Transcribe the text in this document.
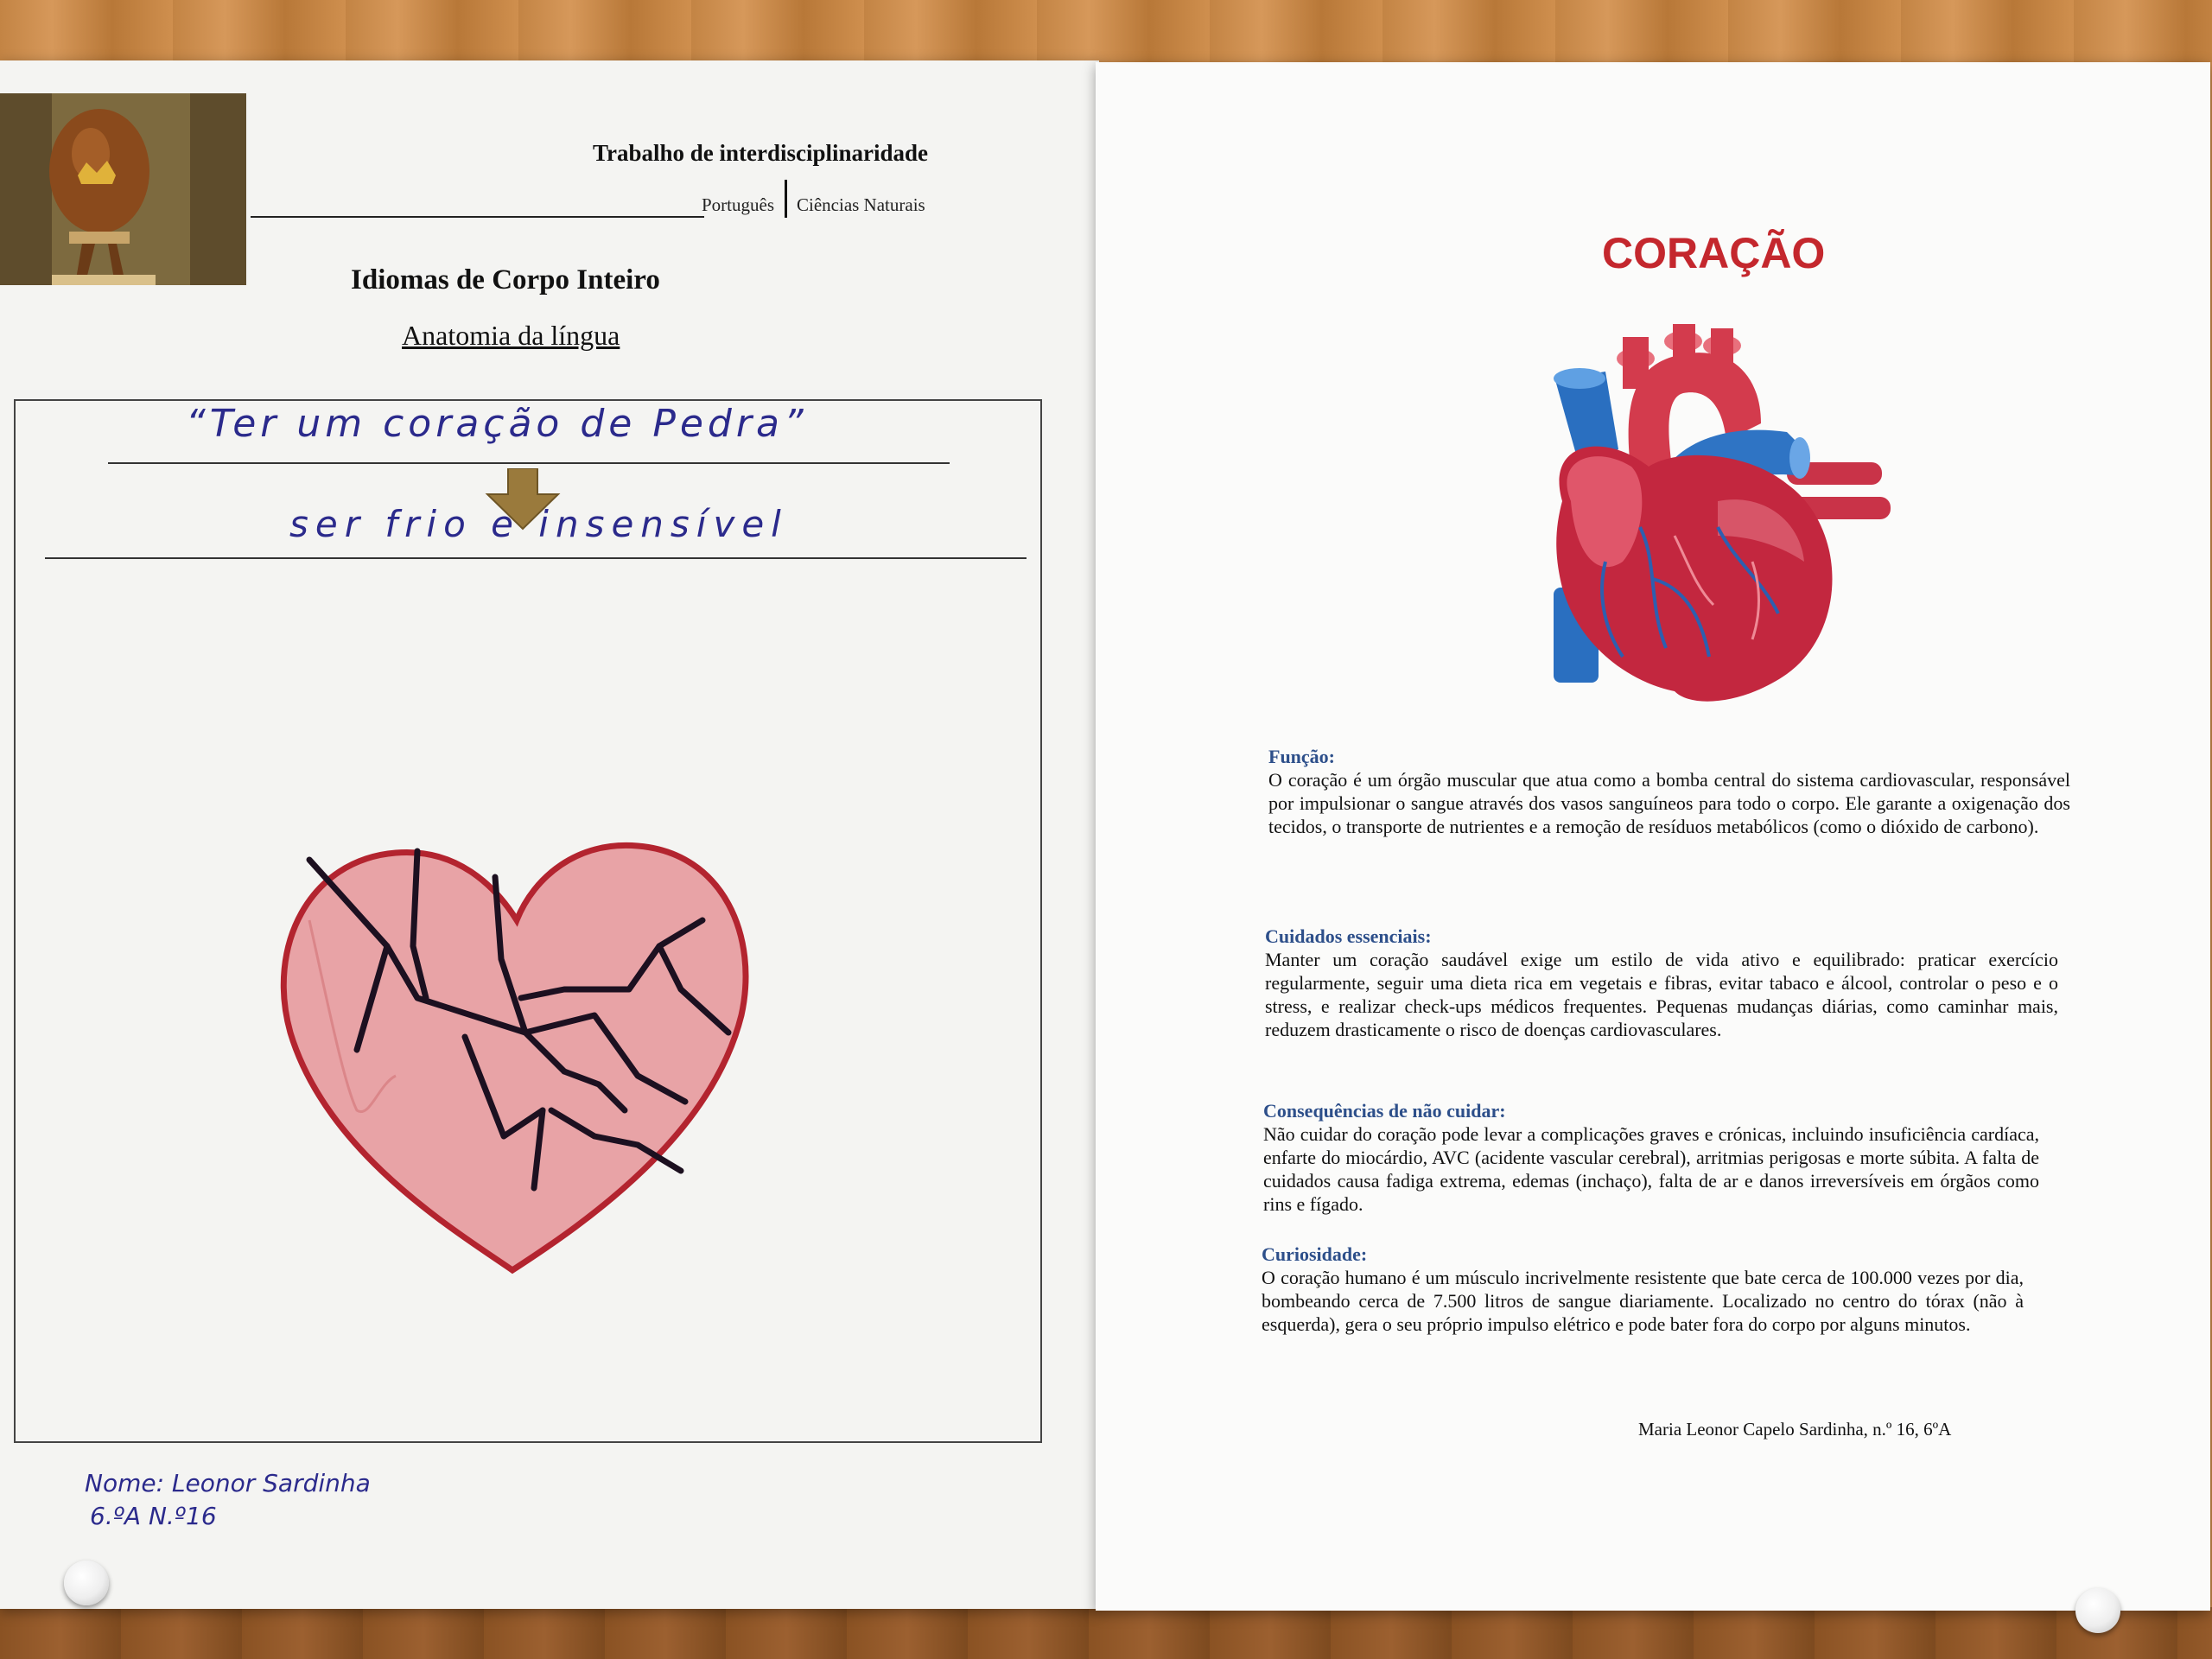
Trabalho de interdisciplinaridade
Português Ciências Naturais
Idiomas de Corpo Inteiro
Anatomia da língua
“Ter um coração de Pedra”
ser frio e insensível
Nome: Leonor Sardinha
6.ºA N.º16
CORAÇÃO
Função:

O coração é um órgão muscular que atua como a bomba central do sistema cardiovascular, responsável por impulsionar o sangue através dos vasos sanguíneos para todo o corpo. Ele garante a oxigenação dos tecidos, o transporte de nutrientes e a remoção de resíduos metabólicos (como o dióxido de carbono).

Cuidados essenciais:

Manter um coração saudável exige um estilo de vida ativo e equilibrado: praticar exercício regularmente, seguir uma dieta rica em vegetais e fibras, evitar tabaco e álcool, controlar o peso e o stress, e realizar check-ups médicos frequentes. Pequenas mudanças diárias, como caminhar mais, reduzem drasticamente o risco de doenças cardiovasculares.

Consequências de não cuidar:

Não cuidar do coração pode levar a complicações graves e crónicas, incluindo insuficiência cardíaca, enfarte do miocárdio, AVC (acidente vascular cerebral), arritmias perigosas e morte súbita. A falta de cuidados causa fadiga extrema, edemas (inchaço), falta de ar e danos irreversíveis em órgãos como rins e fígado.

Curiosidade:

O coração humano é um músculo incrivelmente resistente que bate cerca de 100.000 vezes por dia, bombeando cerca de 7.500 litros de sangue diariamente. Localizado no centro do tórax (não à esquerda), gera o seu próprio impulso elétrico e pode bater fora do corpo por alguns minutos.

Maria Leonor Capelo Sardinha, n.º 16, 6ºA
